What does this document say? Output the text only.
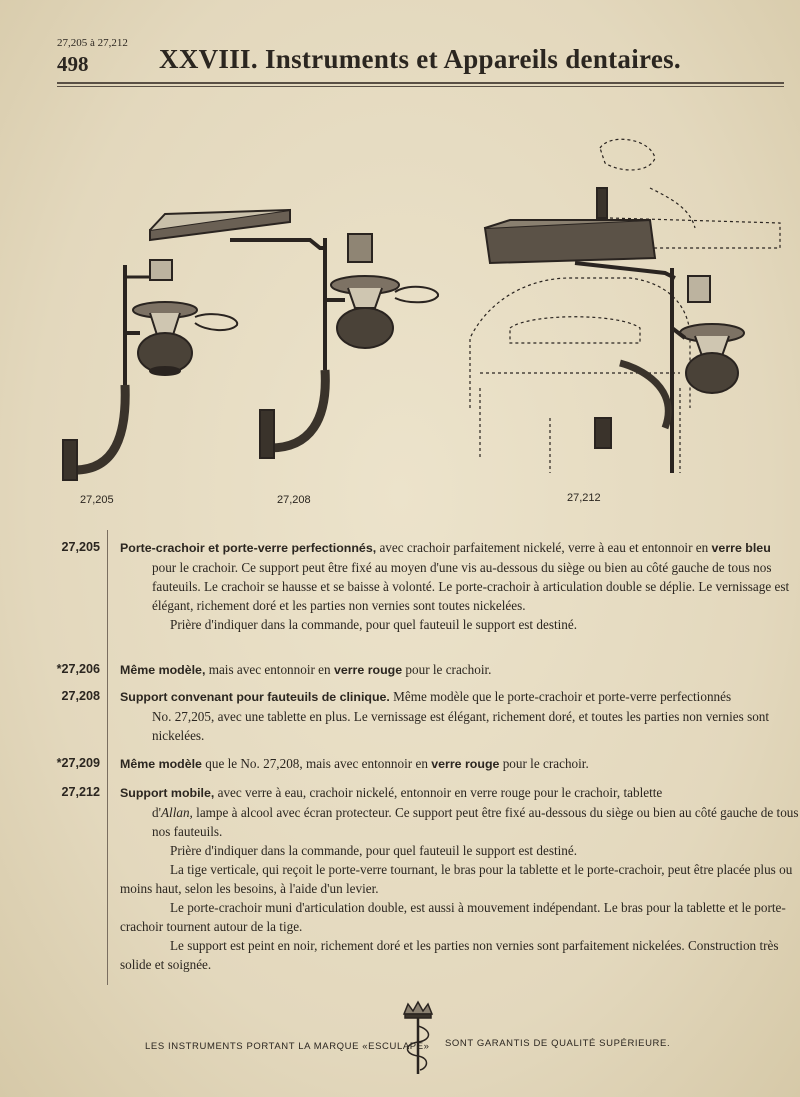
27,205 à 27,212
498	XXVIII. Instruments et Appareils dentaires.
27,205	27,208	27,212
27,205 Porte-crachoir et porte-verre perfectionnés, avec crachoir parfaitement nickelé, verre à eau et entonnoir en verre bleu

pour le crachoir. Ce support peut être fixé au moyen d'une vis au-dessous du siège ou bien au côté gauche de tous nos fauteuils. Le crachoir se hausse et se baisse à volonté. Le porte-crachoir à articulation double se déplie. Le vernissage est élégant, richement doré et les parties non vernies sont toutes nickelées.

Prière d'indiquer dans la commande, pour quel fauteuil le support est destiné.

*27,206 Même modèle, mais avec entonnoir en verre rouge pour le crachoir.

27,208 Support convenant pour fauteuils de clinique. Même modèle que le porte-crachoir et porte-verre perfectionnés

No. 27,205, avec une tablette en plus. Le vernissage est élégant, richement doré, et toutes les parties non vernies sont nickelées.

*27,209 Même modèle que le No. 27,208, mais avec entonnoir en verre rouge pour le crachoir.

27,212 Support mobile, avec verre à eau, crachoir nickelé, entonnoir en verre rouge pour le crachoir, tablette

d'Allan, lampe à alcool avec écran protecteur. Ce support peut être fixé au-dessous du siège ou bien au côté gauche de tous nos fauteuils.

Prière d'indiquer dans la commande, pour quel fauteuil le support est destiné.

La tige verticale, qui reçoit le porte-verre tournant, le bras pour la tablette et le porte-crachoir, peut être placée plus ou moins haut, selon les besoins, à l'aide d'un levier.

Le porte-crachoir muni d'articulation double, est aussi à mouvement indépendant. Le bras pour la tablette et le porte-crachoir tournent autour de la tige.

Le support est peint en noir, richement doré et les parties non vernies sont parfaitement nickelées. Construction très solide et soignée.

LES INSTRUMENTS PORTANT LA MARQUE «ESCULAPE» SONT GARANTIS DE QUALITÉ SUPÉRIEURE.
